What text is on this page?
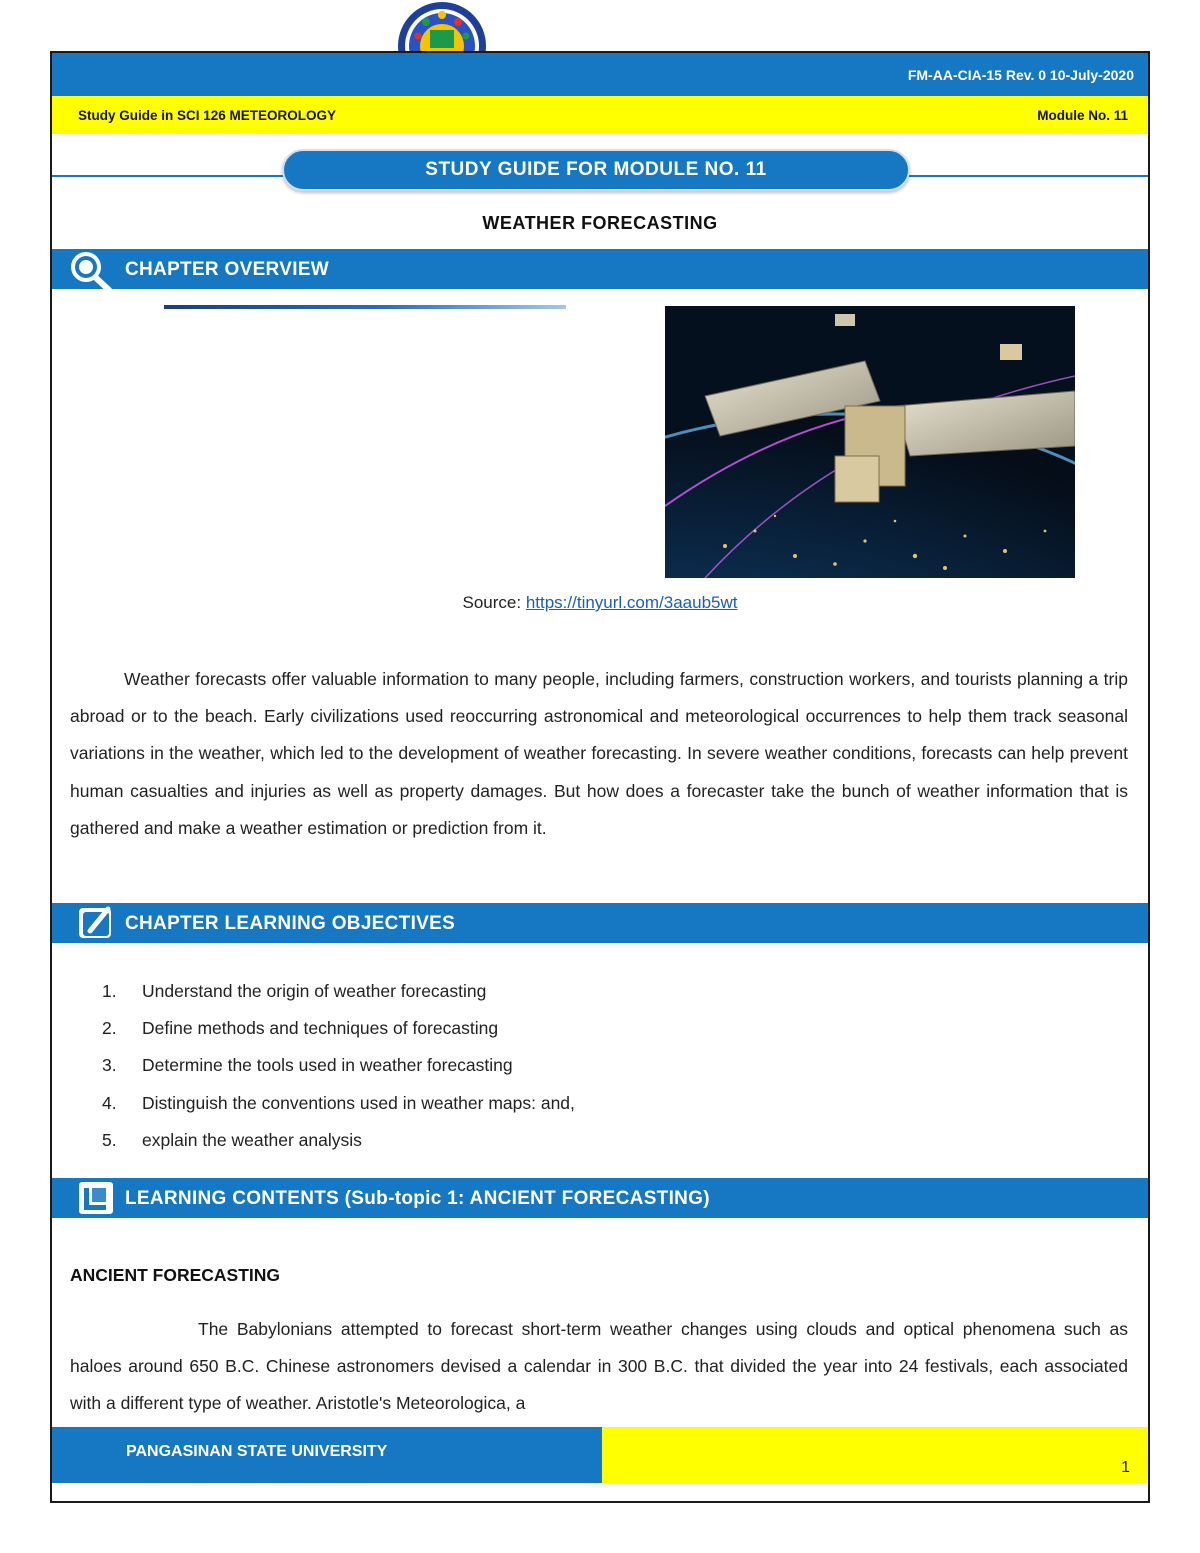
FM-AA-CIA-15 Rev. 0 10-July-2020
Study Guide in SCI 126 METEOROLOGY	Module No. 11
STUDY GUIDE FOR MODULE NO. 11
WEATHER FORECASTING
CHAPTER OVERVIEW
Source: https://tinyurl.com/3aaub5wt

Weather forecasts offer valuable information to many people, including farmers, construction workers, and tourists planning a trip abroad or to the beach. Early civilizations used reoccurring astronomical and meteorological occurrences to help them track seasonal variations in the weather, which led to the development of weather forecasting. In severe weather conditions, forecasts can help prevent human casualties and injuries as well as property damages. But how does a forecaster take the bunch of weather information that is gathered and make a weather estimation or prediction from it.

CHAPTER LEARNING OBJECTIVES
1. Understand the origin of weather forecasting
2. Define methods and techniques of forecasting
3. Determine the tools used in weather forecasting
4. Distinguish the conventions used in weather maps: and,
5. explain the weather analysis
LEARNING CONTENTS (Sub-topic 1: ANCIENT FORECASTING)
ANCIENT FORECASTING

The Babylonians attempted to forecast short-term weather changes using clouds and optical phenomena such as haloes around 650 B.C. Chinese astronomers devised a calendar in 300 B.C. that divided the year into 24 festivals, each associated with a different type of weather. Aristotle's Meteorologica, a

PANGASINAN STATE UNIVERSITY
1
